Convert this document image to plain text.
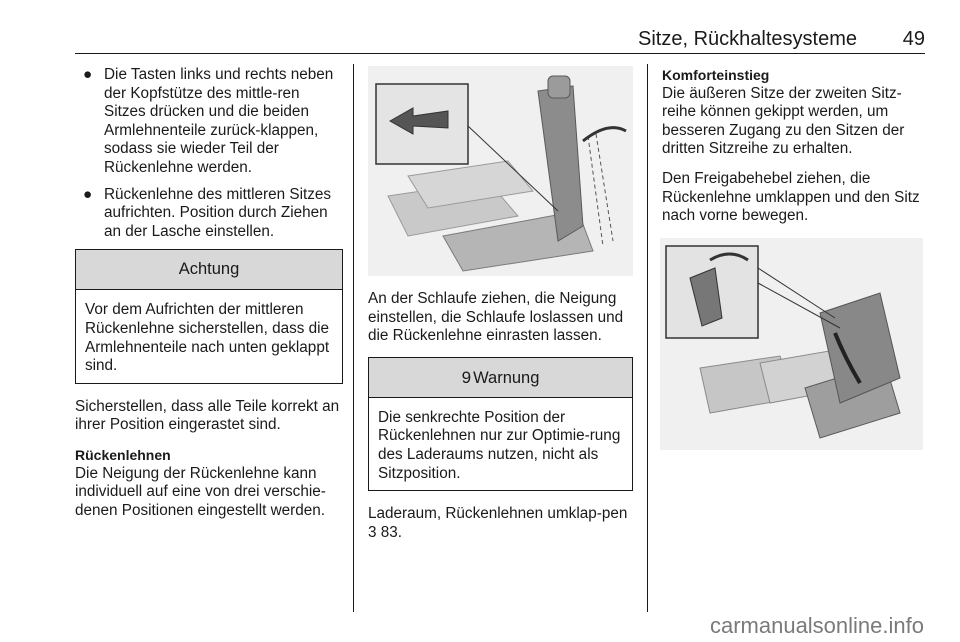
Sitze, Rückhaltesysteme 49
● Die Tasten links und rechts neben der Kopfstütze des mittle-ren Sitzes drücken und die beiden Armlehnenteile zurück-klappen, sodass sie wieder Teil der Rückenlehne werden.
● Rückenlehne des mittleren Sitzes aufrichten. Position durch Ziehen an der Lasche einstellen.
Achtung
Vor dem Aufrichten der mittleren Rückenlehne sicherstellen, dass die Armlehnenteile nach unten geklappt sind.

Sicherstellen, dass alle Teile korrekt an ihrer Position eingerastet sind.

Rückenlehnen

Die Neigung der Rückenlehne kann individuell auf eine von drei verschie-denen Positionen eingestellt werden.

An der Schlaufe ziehen, die Neigung einstellen, die Schlaufe loslassen und die Rückenlehne einrasten lassen.

9 Warnung
Die senkrechte Position der Rückenlehnen nur zur Optimie-rung des Laderaums nutzen, nicht als Sitzposition.

Laderaum, Rückenlehnen umklap-pen 3 83.

Komforteinstieg

Die äußeren Sitze der zweiten Sitz-reihe können gekippt werden, um besseren Zugang zu den Sitzen der dritten Sitzreihe zu erhalten.

Den Freigabehebel ziehen, die Rückenlehne umklappen und den Sitz nach vorne bewegen.

carmanualsonline.info
